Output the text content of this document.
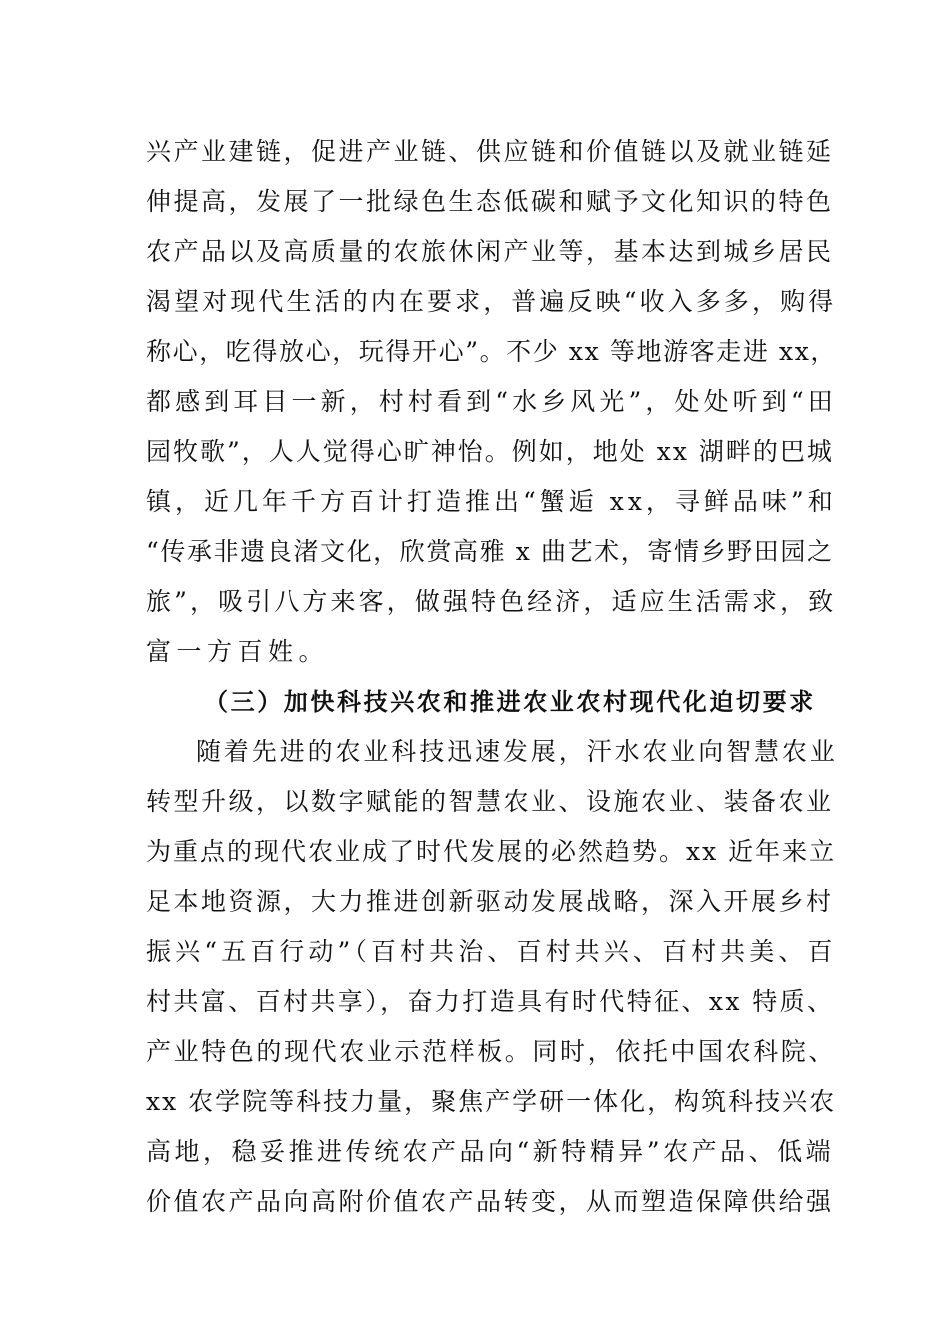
兴产业建链，促进产业链、供应链和价值链以及就业链延

伸提高，发展了一批绿色生态低碳和赋予文化知识的特色

农产品以及高质量的农旅休闲产业等，基本达到城乡居民

渴望对现代生活的内在要求，普遍反映“收入多多，购得

称心，吃得放心，玩得开心”。不少 xx 等地游客走进 xx，

都感到耳目一新，村村看到“水乡风光”，处处听到“田

园牧歌”，人人觉得心旷神怡。例如，地处 xx 湖畔的巴城

镇，近几年千方百计打造推出“蟹逅 xx，寻鲜品味”和

“传承非遗良渚文化，欣赏高雅 x 曲艺术，寄情乡野田园之

旅”，吸引八方来客，做强特色经济，适应生活需求，致

富一方百姓。

（三）加快科技兴农和推进农业农村现代化迫切要求

随着先进的农业科技迅速发展，汗水农业向智慧农业

转型升级，以数字赋能的智慧农业、设施农业、装备农业

为重点的现代农业成了时代发展的必然趋势。xx 近年来立

足本地资源，大力推进创新驱动发展战略，深入开展乡村

振兴“五百行动”（百村共治、百村共兴、百村共美、百

村共富、百村共享），奋力打造具有时代特征、xx 特质、

产业特色的现代农业示范样板。同时，依托中国农科院、

xx 农学院等科技力量，聚焦产学研一体化，构筑科技兴农

高地，稳妥推进传统农产品向“新特精异”农产品、低端

价值农产品向高附价值农产品转变，从而塑造保障供给强
